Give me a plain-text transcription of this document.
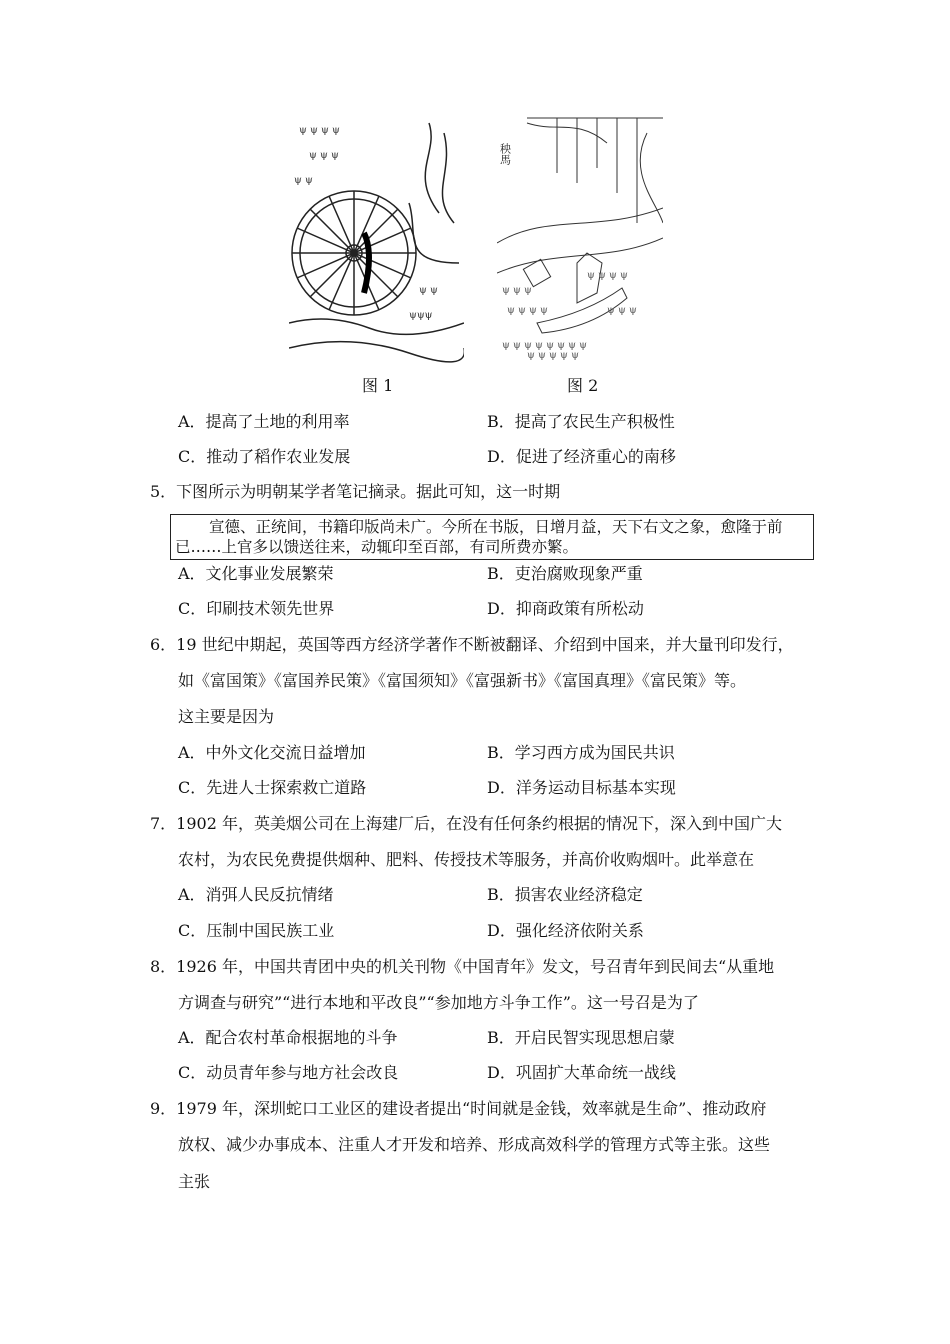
ψ ψ ψ ψ
ψ ψ ψ
ψ ψ
ψ ψ
ψψψ
ψ ψ ψ
ψ ψ ψ ψ	ψ ψ ψ
ψ ψ ψ ψ ψ ψ ψ ψ
ψ ψ ψ ψ ψ
ψ ψ ψ ψ
秧馬
图 1	图 2
A．提高了土地的利用率	B．提高了农民生产积极性
C．推动了稻作农业发展	D．促进了经济重心的南移
5．下图所示为明朝某学者笔记摘录。据此可知，这一时期
宣德、正统间，书籍印版尚未广。今所在书版，日增月益，天下右文之象，愈隆于前
已……上官多以馈送往来，动辄印至百部，有司所费亦繁。
A．文化事业发展繁荣	B．吏治腐败现象严重
C．印刷技术领先世界	D．抑商政策有所松动
6．19 世纪中期起，英国等西方经济学著作不断被翻译、介绍到中国来，并大量刊印发行，
如《富国策》《富国养民策》《富国须知》《富强新书》《富国真理》《富民策》等。
这主要是因为
A．中外文化交流日益增加	B．学习西方成为国民共识
C．先进人士探索救亡道路	D．洋务运动目标基本实现
7．1902 年，英美烟公司在上海建厂后，在没有任何条约根据的情况下，深入到中国广大
农村，为农民免费提供烟种、肥料、传授技术等服务，并高价收购烟叶。此举意在
A．消弭人民反抗情绪	B．损害农业经济稳定
C．压制中国民族工业	D．强化经济依附关系
8．1926 年，中国共青团中央的机关刊物《中国青年》发文，号召青年到民间去“从重地
方调查与研究”“进行本地和平改良”“参加地方斗争工作”。这一号召是为了
A．配合农村革命根据地的斗争	B．开启民智实现思想启蒙
C．动员青年参与地方社会改良	D．巩固扩大革命统一战线
9．1979 年，深圳蛇口工业区的建设者提出“时间就是金钱，效率就是生命”、推动政府
放权、减少办事成本、注重人才开发和培养、形成高效科学的管理方式等主张。这些
主张
